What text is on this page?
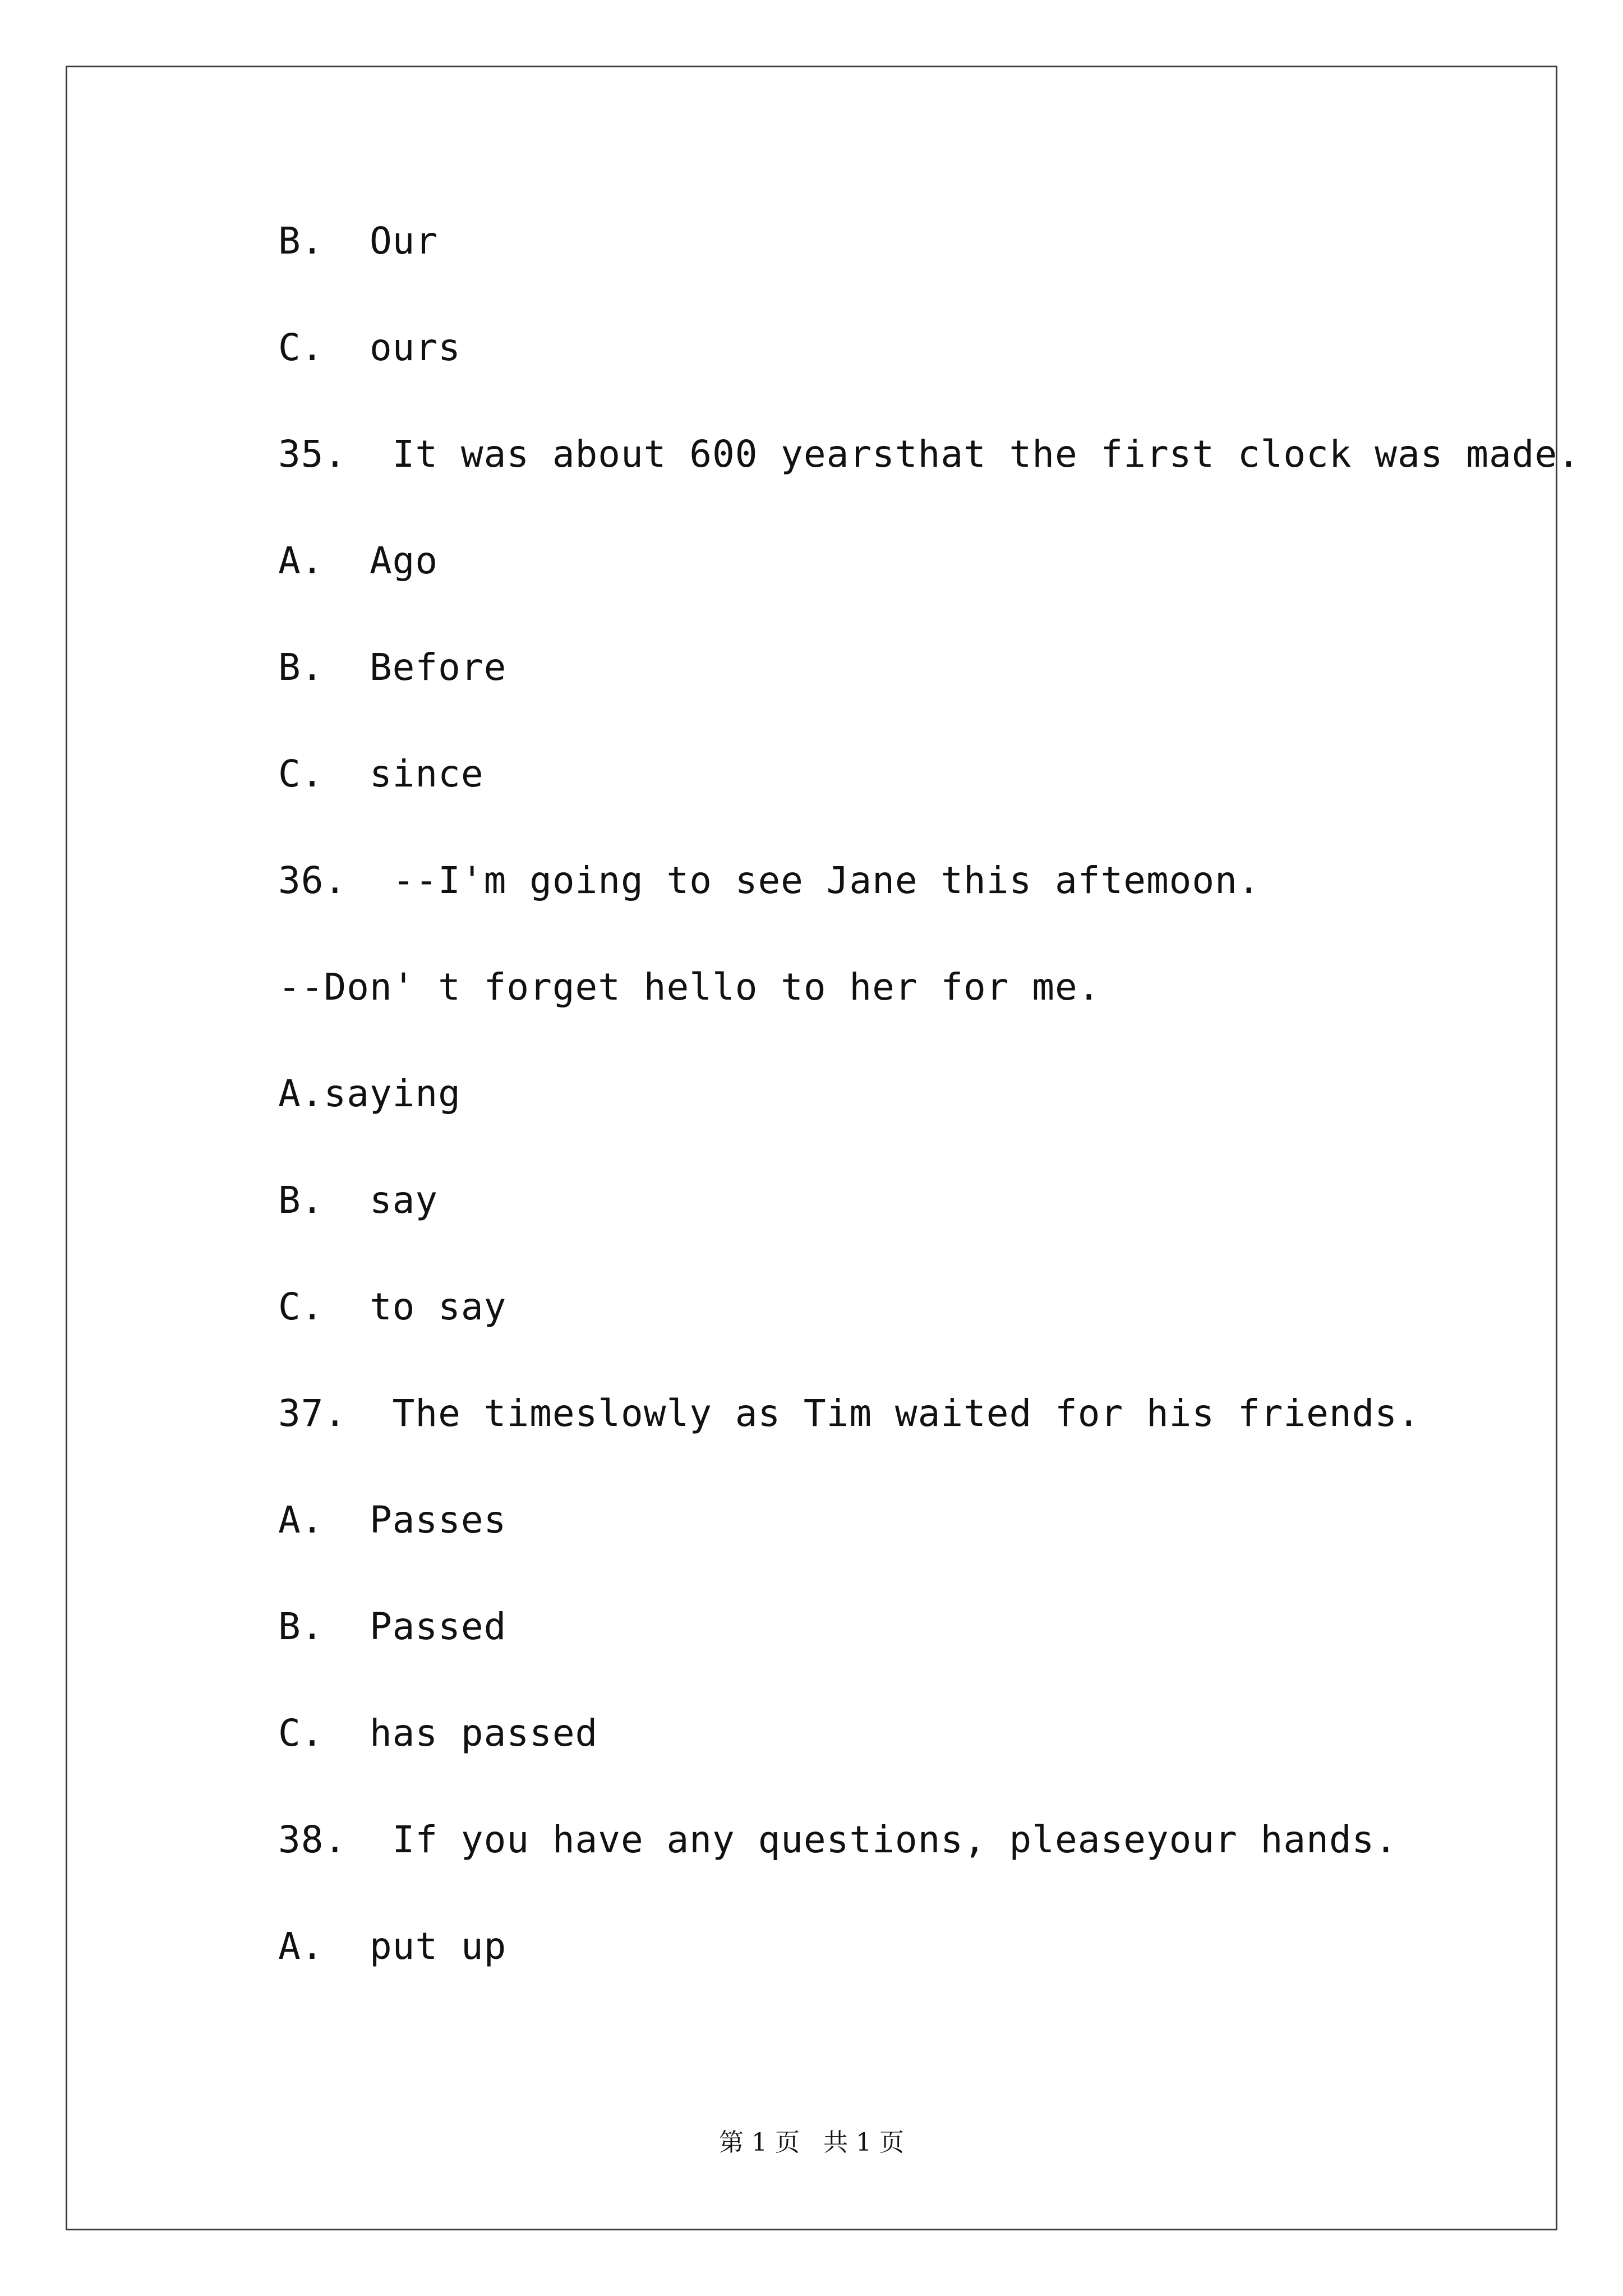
B.  Our
C.  ours
35.  It was about 600 yearsthat the first clock was made.
A.  Ago
B.  Before
C.  since
36.  --I'm going to see Jane this aftemoon.
--Don' t forget hello to her for me.
A.saying
B.  say
C.  to say
37.  The timeslowly as Tim waited for his friends.
A.  Passes
B.  Passed
C.  has passed
38.  If you have any questions, pleaseyour hands.
A.  put up
第 1 页   共 1 页
